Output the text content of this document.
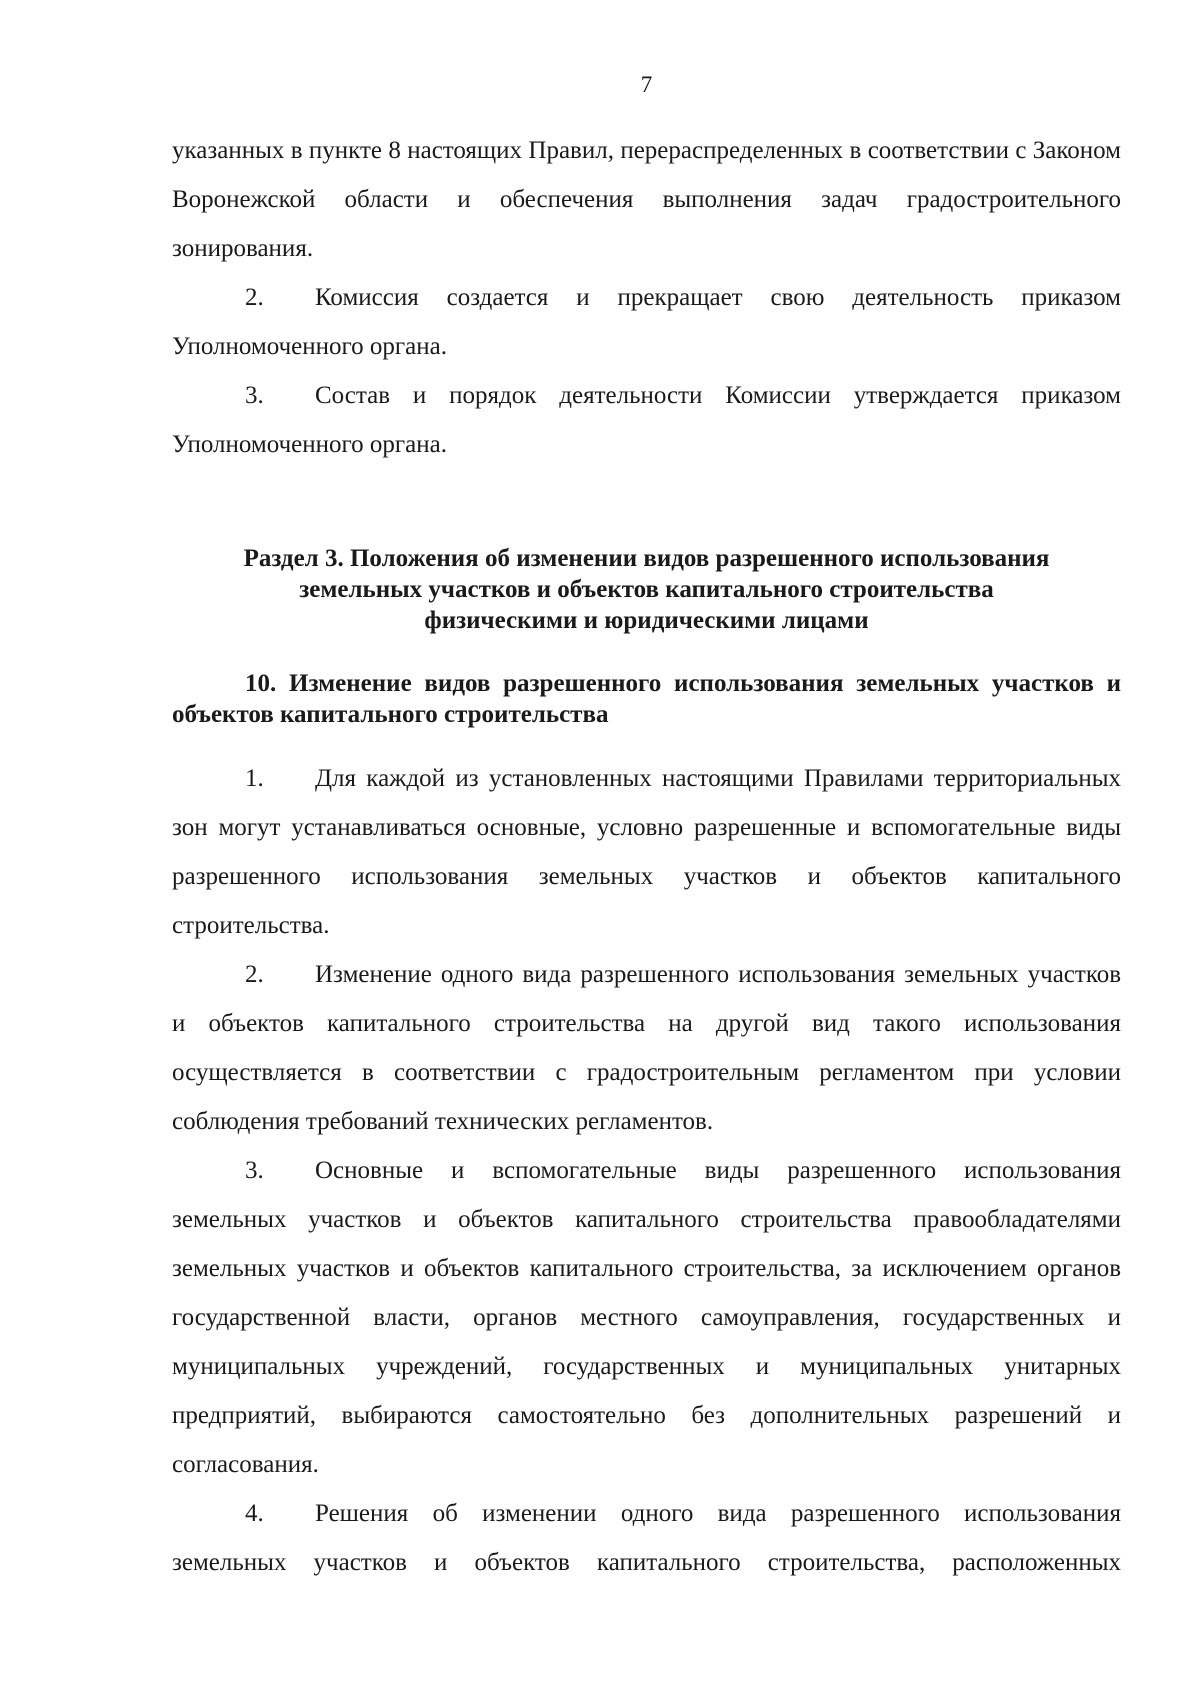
7

указанных в пункте 8 настоящих Правил, перераспределенных в соответствии с Законом Воронежской области и обеспечения выполнения задач градостроительного зонирования.

2. Комиссия создается и прекращает свою деятельность приказом Уполномоченного органа.

3. Состав и порядок деятельности Комиссии утверждается приказом Уполномоченного органа.

Раздел 3. Положения об изменении видов разрешенного использования земельных участков и объектов капитального строительства физическими и юридическими лицами
10. Изменение видов разрешенного использования земельных участков и объектов капитального строительства

1. Для каждой из установленных настоящими Правилами территориальных зон могут устанавливаться основные, условно разрешенные и вспомогательные виды разрешенного использования земельных участков и объектов капитального строительства.

2. Изменение одного вида разрешенного использования земельных участков и объектов капитального строительства на другой вид такого использования осуществляется в соответствии с градостроительным регламентом при условии соблюдения требований технических регламентов.

3. Основные и вспомогательные виды разрешенного использования земельных участков и объектов капитального строительства правообладателями земельных участков и объектов капитального строительства, за исключением органов государственной власти, органов местного самоуправления, государственных и муниципальных учреждений, государственных и муниципальных унитарных предприятий, выбираются самостоятельно без дополнительных разрешений и согласования.

4. Решения об изменении одного вида разрешенного использования земельных участков и объектов капитального строительства, расположенных
